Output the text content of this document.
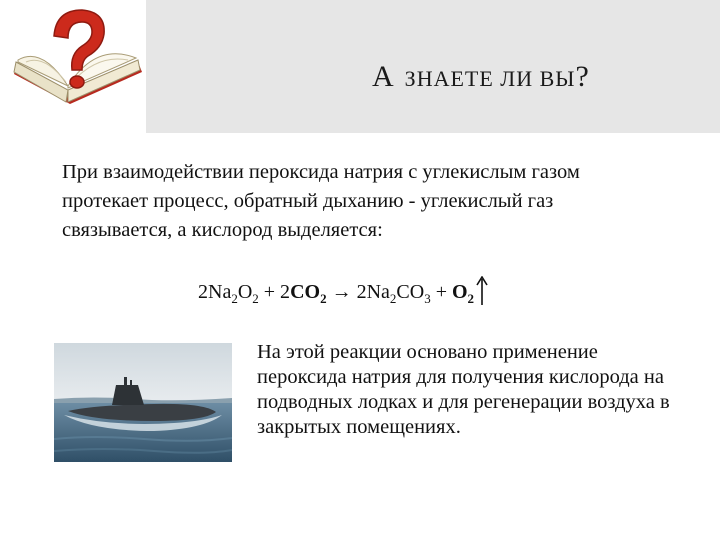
А ЗНАЕТЕ ЛИ ВЫ?
При взаимодействии пероксида натрия с углекислым газом протекает процесс, обратный дыханию - углекислый газ связывается, а кислород выделяется:
$2Na_2O_2 + 2CO_2 \to 2Na_2CO_3 + O_2$
На этой реакции основано применение пероксида натрия для получения кислорода на подводных лодках и для регенерации воздуха в закрытых помещениях.
